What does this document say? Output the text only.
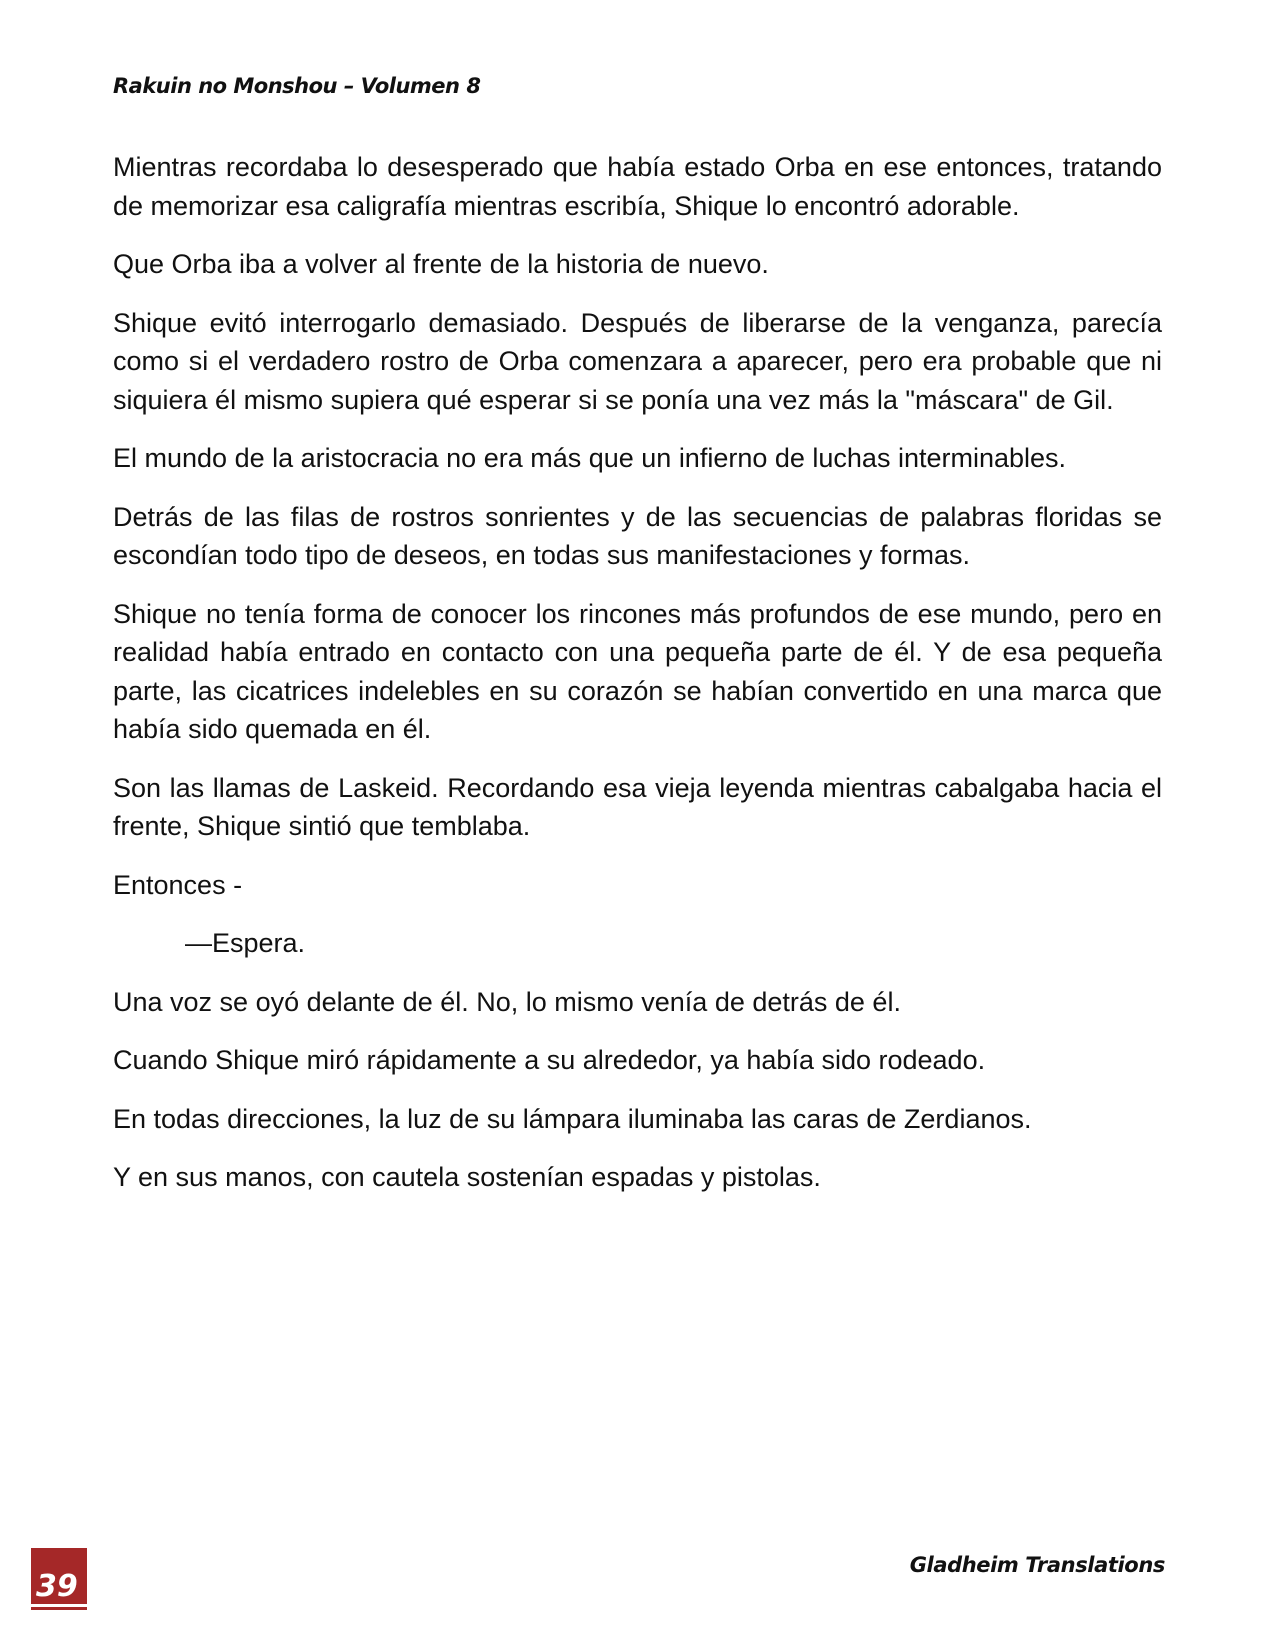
Rakuin no Monshou – Volumen 8

Mientras recordaba lo desesperado que había estado Orba en ese entonces, tratando de memorizar esa caligrafía mientras escribía, Shique lo encontró adorable.

Que Orba iba a volver al frente de la historia de nuevo.

Shique evitó interrogarlo demasiado. Después de liberarse de la venganza, parecía como si el verdadero rostro de Orba comenzara a aparecer, pero era probable que ni siquiera él mismo supiera qué esperar si se ponía una vez más la "máscara" de Gil.

El mundo de la aristocracia no era más que un infierno de luchas interminables.

Detrás de las filas de rostros sonrientes y de las secuencias de palabras floridas se escondían todo tipo de deseos, en todas sus manifestaciones y formas.

Shique no tenía forma de conocer los rincones más profundos de ese mundo, pero en realidad había entrado en contacto con una pequeña parte de él. Y de esa pequeña parte, las cicatrices indelebles en su corazón se habían convertido en una marca que había sido quemada en él.

Son las llamas de Laskeid. Recordando esa vieja leyenda mientras cabalgaba hacia el frente, Shique sintió que temblaba.

Entonces -

—Espera.

Una voz se oyó delante de él. No, lo mismo venía de detrás de él.

Cuando Shique miró rápidamente a su alrededor, ya había sido rodeado.

En todas direcciones, la luz de su lámpara iluminaba las caras de Zerdianos.

Y en sus manos, con cautela sostenían espadas y pistolas.

39
Gladheim Translations
